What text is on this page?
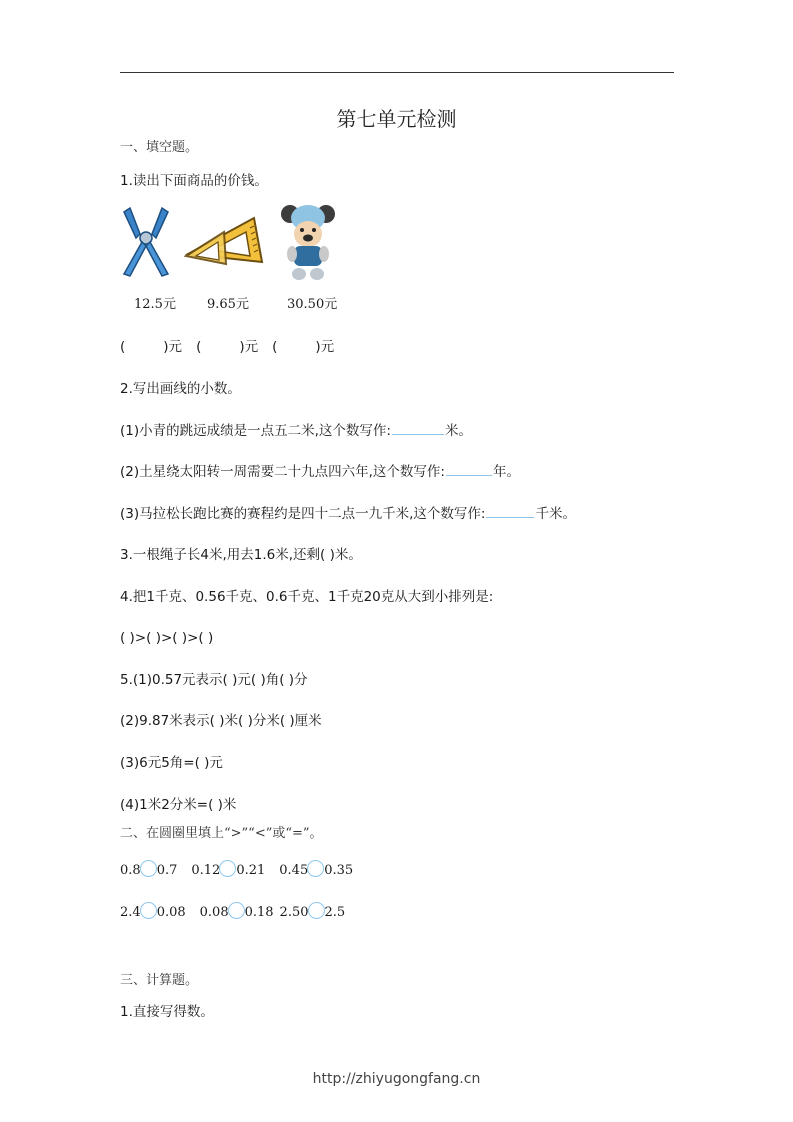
第七单元检测
一、填空题。
1.读出下面商品的价钱。
12.5元 9.65元	30.50元
(	)元 (	)元 (	)元
2.写出画线的小数。
(1)小青的跳远成绩是一点五二米,这个数写作:	米。
(2)土星绕太阳转一周需要二十九点四六年,这个数写作:	年。
(3)马拉松长跑比赛的赛程约是四十二点一九千米,这个数写作:	千米。
3.一根绳子长4米,用去1.6米,还剩( )米。
4.把1千克、0.56千克、0.6千克、1千克20克从大到小排列是:
( )>( )>( )>( )
5.(1)0.57元表示( )元( )角( )分
(2)9.87米表示( )米( )分米( )厘米
(3)6元5角=( )元
(4)1米2分米=( )米
二、在圆圈里填上“>”“<”或“=”。
0.8 0.7 0.12 0.21 0.45 0.35
2.4 0.08 0.08 0.18 2.50 2.5
三、计算题。
1.直接写得数。
http://zhiyugongfang.cn
